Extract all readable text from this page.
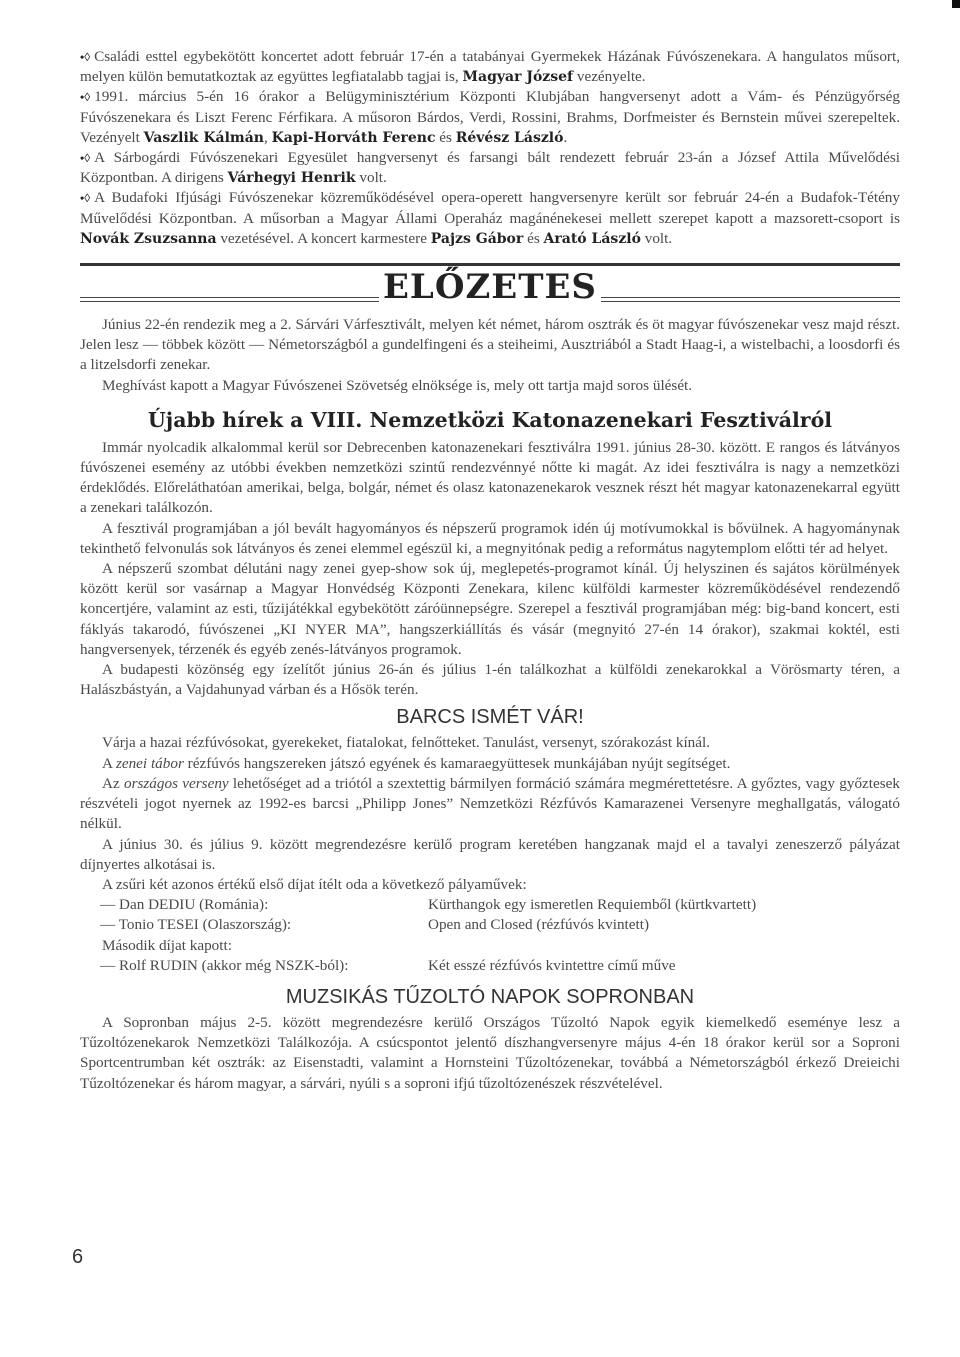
•◊ Családi esttel egybekötött koncertet adott február 17-én a tatabányai Gyermekek Házának Fúvószenekara. A hangulatos műsort, melyen külön bemutatkoztak az együttes legfiatalabb tagjai is, Magyar József vezényelte.

•◊ 1991. március 5-én 16 órakor a Belügyminisztérium Központi Klubjában hangversenyt adott a Vám- és Pénzügyőrség Fúvószenekara és Liszt Ferenc Férfikara. A műsoron Bárdos, Verdi, Rossini, Brahms, Dorfmeister és Bernstein művei szerepeltek. Vezényelt Vaszlik Kálmán, Kapi-Horváth Ferenc és Révész László.

•◊ A Sárbogárdi Fúvószenekari Egyesület hangversenyt és farsangi bált rendezett február 23-án a József Attila Művelődési Központban. A dirigens Várhegyi Henrik volt.

•◊ A Budafoki Ifjúsági Fúvószenekar közreműködésével opera-operett hangversenyre került sor február 24-én a Budafok-Tétény Művelődési Központban. A műsorban a Magyar Állami Operaház magánénekesei mellett szerepet kapott a mazsorett-csoport is Novák Zsuzsanna vezetésével. A koncert karmestere Pajzs Gábor és Arató László volt.

ELŐZETES

Június 22-én rendezik meg a 2. Sárvári Várfesztivált, melyen két német, három osztrák és öt magyar fúvószenekar vesz majd részt. Jelen lesz — többek között — Németországból a gundelfingeni és a steiheimi, Ausztriából a Stadt Haag-i, a wistelbachi, a loosdorfi és a litzelsdorfi zenekar.

Meghívást kapott a Magyar Fúvószenei Szövetség elnöksége is, mely ott tartja majd soros ülését.

Újabb hírek a VIII. Nemzetközi Katonazenekari Fesztiválról

Immár nyolcadik alkalommal kerül sor Debrecenben katonazenekari fesztiválra 1991. június 28-30. között. E rangos és látványos fúvószenei esemény az utóbbi években nemzetközi szintű rendezvénnyé nőtte ki magát. Az idei fesztiválra is nagy a nemzetközi érdeklődés. Előreláthatóan amerikai, belga, bolgár, német és olasz katonazenekarok vesznek részt hét magyar katonazenekarral együtt a zenekari találkozón.

A fesztivál programjában a jól bevált hagyományos és népszerű programok idén új motívumokkal is bővülnek. A hagyománynak tekinthető felvonulás sok látványos és zenei elemmel egészül ki, a megnyitónak pedig a református nagytemplom előtti tér ad helyet.

A népszerű szombat délutáni nagy zenei gyep-show sok új, meglepetés-programot kínál. Új helyszinen és sajátos körülmények között kerül sor vasárnap a Magyar Honvédség Központi Zenekara, kilenc külföldi karmester közreműködésével rendezendő koncertjére, valamint az esti, tűzijátékkal egybekötött záróünnepségre. Szerepel a fesztivál programjában még: big-band koncert, esti fáklyás takarodó, fúvószenei „KI NYER MA”, hangszerkiállítás és vásár (megnyitó 27-én 14 órakor), szakmai koktél, esti hangversenyek, térzenék és egyéb zenés-látványos programok.

A budapesti közönség egy ízelítőt június 26-án és július 1-én találkozhat a külföldi zenekarokkal a Vörösmarty téren, a Halászbástyán, a Vajdahunyad várban és a Hősök terén.

BARCS ISMÉT VÁR!

Várja a hazai rézfúvósokat, gyerekeket, fiatalokat, felnőtteket. Tanulást, versenyt, szórakozást kínál.

A zenei tábor rézfúvós hangszereken játszó egyének és kamaraegyüttesek munkájában nyújt segítséget.

Az országos verseny lehetőséget ad a triótól a szextettig bármilyen formáció számára megmérettetésre. A győztes, vagy győztesek részvételi jogot nyernek az 1992-es barcsi „Philipp Jones” Nemzetközi Rézfúvós Kamarazenei Versenyre meghallgatás, válogató nélkül.

A június 30. és július 9. között megrendezésre kerülő program keretében hangzanak majd el a tavalyi zeneszerző pályázat díjnyertes alkotásai is.

A zsűri két azonos értékű első díjat ítélt oda a következő pályaművek:

— Dan DEDIU (Románia):	Kürthangok egy ismeretlen Requiemből (kürtkvartett)
— Tonio TESEI (Olaszország):	Open and Closed (rézfúvós kvintett)

Második díjat kapott:

— Rolf RUDIN (akkor még NSZK-ból):	Két esszé rézfúvós kvintettre című műve
MUZSIKÁS TŰZOLTÓ NAPOK SOPRONBAN

A Sopronban május 2-5. között megrendezésre kerülő Országos Tűzoltó Napok egyik kiemelkedő eseménye lesz a Tűzoltózenekarok Nemzetközi Találkozója. A csúcspontot jelentő díszhangversenyre május 4-én 18 órakor kerül sor a Soproni Sportcentrumban két osztrák: az Eisenstadti, valamint a Hornsteini Tűzoltózenekar, továbbá a Németországból érkező Dreieichi Tűzoltózenekar és három magyar, a sárvári, nyúli s a soproni ifjú tűzoltózenészek részvételével.

6
